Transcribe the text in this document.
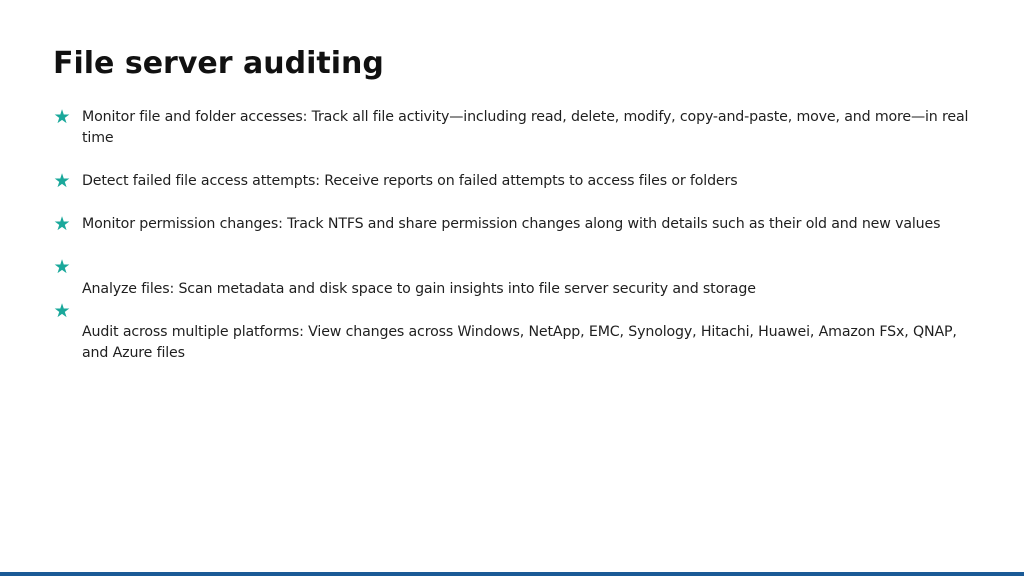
File server auditing
★ Monitor file and folder accesses: Track all file activity—including read, delete, modify, copy-and-paste, move, and more—in real time

★ Detect failed file access attempts: Receive reports on failed attempts to access files or folders

★ Monitor permission changes: Track NTFS and share permission changes along with details such as their old and new values

★

Analyze files: Scan metadata and disk space to gain insights into file server security and storage

★

Audit across multiple platforms: View changes across Windows, NetApp, EMC, Synology, Hitachi, Huawei, Amazon FSx, QNAP, and Azure files
